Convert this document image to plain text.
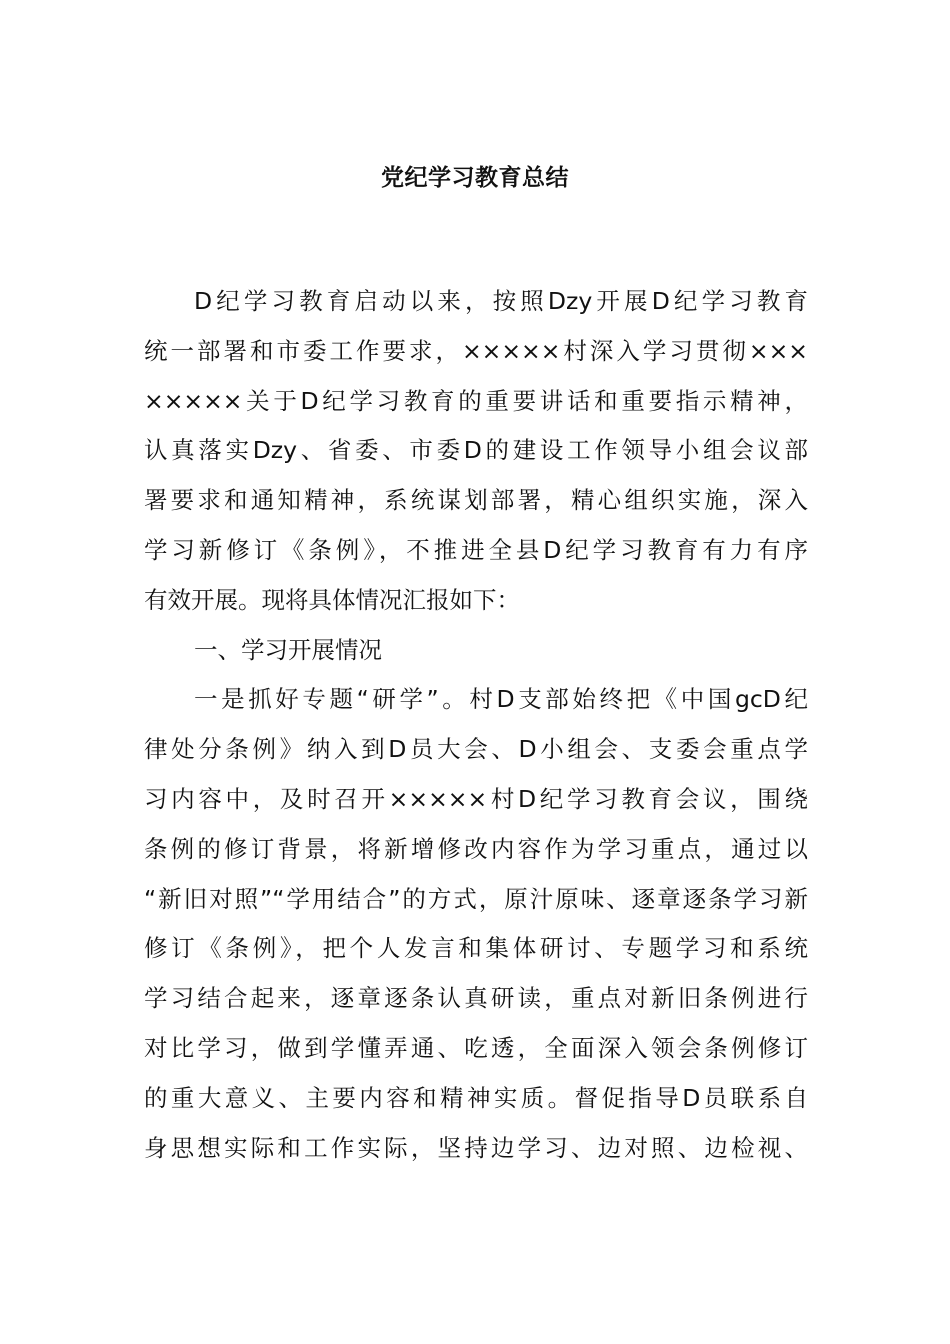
党纪学习教育总结

D纪学习教育启动以来，按照Dzy开展D纪学习教育

统一部署和市委工作要求，×××××村深入学习贯彻×××

×××××关于D纪学习教育的重要讲话和重要指示精神，

认真落实Dzy、省委、市委D的建设工作领导小组会议部

署要求和通知精神，系统谋划部署，精心组织实施，深入

学习新修订《条例》，不推进全县D纪学习教育有力有序

有效开展。现将具体情况汇报如下：

一、学习开展情况

一是抓好专题“研学”。村D支部始终把《中国gcD纪

律处分条例》纳入到D员大会、D小组会、支委会重点学

习内容中，及时召开×××××村D纪学习教育会议，围绕

条例的修订背景，将新增修改内容作为学习重点，通过以

“新旧对照”“学用结合”的方式，原汁原味、逐章逐条学习新

修订《条例》，把个人发言和集体研讨、专题学习和系统

学习结合起来，逐章逐条认真研读，重点对新旧条例进行

对比学习，做到学懂弄通、吃透，全面深入领会条例修订

的重大意义、主要内容和精神实质。督促指导D员联系自

身思想实际和工作实际，坚持边学习、边对照、边检视、
